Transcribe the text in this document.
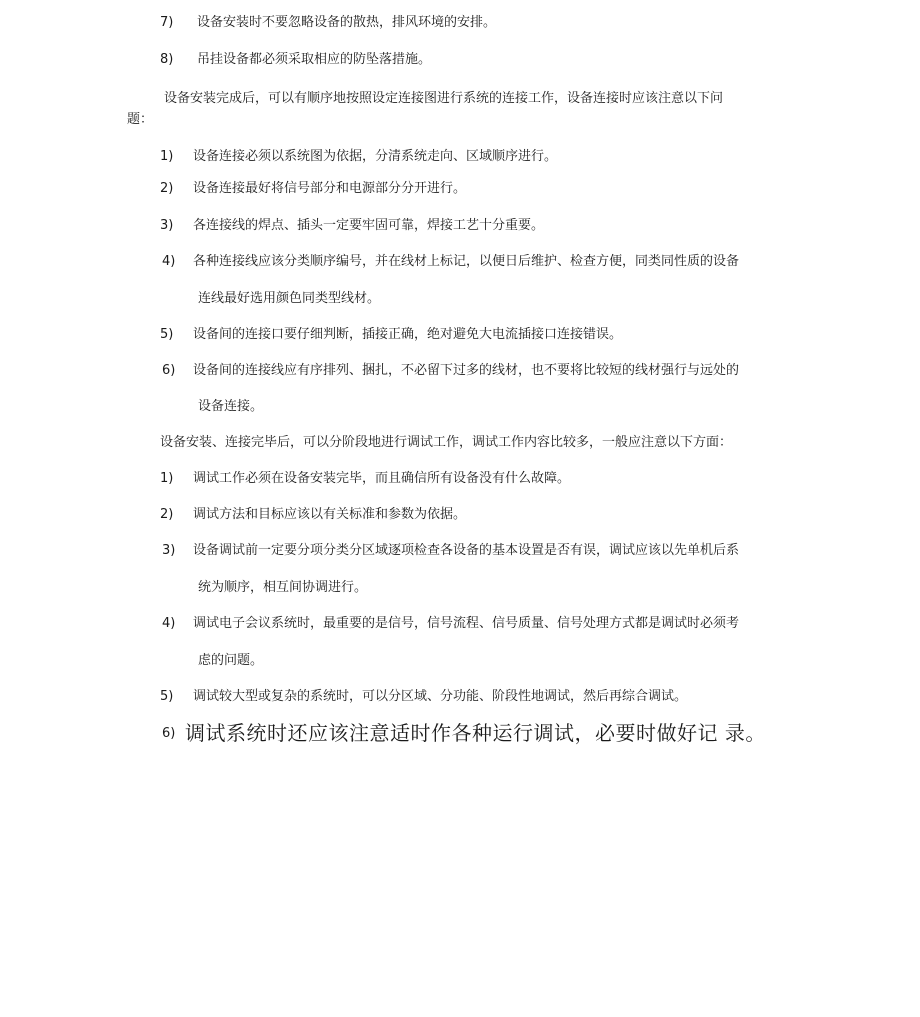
7) 设备安装时不要忽略设备的散热，排风环境的安排。
8) 吊挂设备都必须采取相应的防坠落措施。
设备安装完成后，可以有顺序地按照设定连接图进行系统的连接工作，设备连接时应该注意以下问
题：
1) 设备连接必须以系统图为依据，分清系统走向、区域顺序进行。
2) 设备连接最好将信号部分和电源部分分开进行。
3) 各连接线的焊点、插头一定要牢固可靠，焊接工艺十分重要。
4) 各种连接线应该分类顺序编号，并在线材上标记，以便日后维护、检查方便，同类同性质的设备
连线最好选用颜色同类型线材。
5) 设备间的连接口要仔细判断，插接正确，绝对避免大电流插接口连接错误。
6) 设备间的连接线应有序排列、捆扎，不必留下过多的线材，也不要将比较短的线材强行与远处的
设备连接。
设备安装、连接完毕后，可以分阶段地进行调试工作，调试工作内容比较多，一般应注意以下方面：
1) 调试工作必须在设备安装完毕，而且确信所有设备没有什么故障。
2) 调试方法和目标应该以有关标准和参数为依据。
3) 设备调试前一定要分项分类分区域逐项检查各设备的基本设置是否有误，调试应该以先单机后系
统为顺序，相互间协调进行。
4) 调试电子会议系统时，最重要的是信号，信号流程、信号质量、信号处理方式都是调试时必须考
虑的问题。
5) 调试较大型或复杂的系统时，可以分区域、分功能、阶段性地调试，然后再综合调试。
6) 调试系统时还应该注意适时作各种运行调试，必要时做好记 录。
